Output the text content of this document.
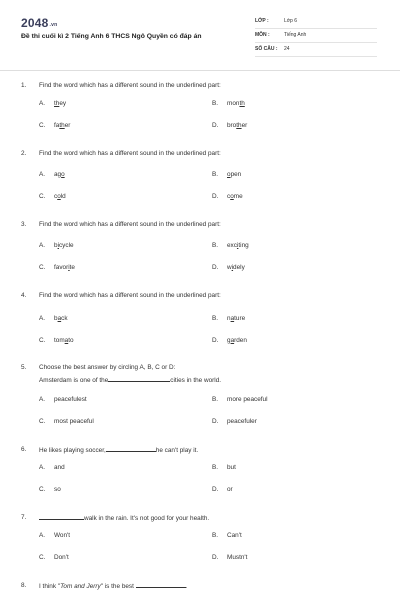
2048.vn
Đề thi cuối kì 2 Tiếng Anh 6 THCS Ngô Quyền có đáp án
LỚP :	Lớp 6
MÔN :	Tiếng Anh
SỐ CÂU : 24
1. Find the word which has a different sound in the underlined part:
A. they	B. month
C. father	D. brother
2. Find the word which has a different sound in the underlined part:
A. ago	B. open
C. cold	D. come
3. Find the word which has a different sound in the underlined part:
A. bicycle	B. exciting
C. favorite	D. widely
4. Find the word which has a different sound in the underlined part:
A. back	B. nature
C. tomato	D. garden
5. Choose the best answer by circling A, B, C or D:
Amsterdam is one of the	cities in the world.
A. peacefulest	B. more peaceful
C. most peaceful	D. peacefuler
6. He likes playing soccer,	he can't play it.
A. and	B. but
C. so	D. or
7.	walk in the rain. It's not good for your health.
A. Won't	B. Can't
C. Don't	D. Mustn't
8. I think "Tom and Jerry" is the best	.
